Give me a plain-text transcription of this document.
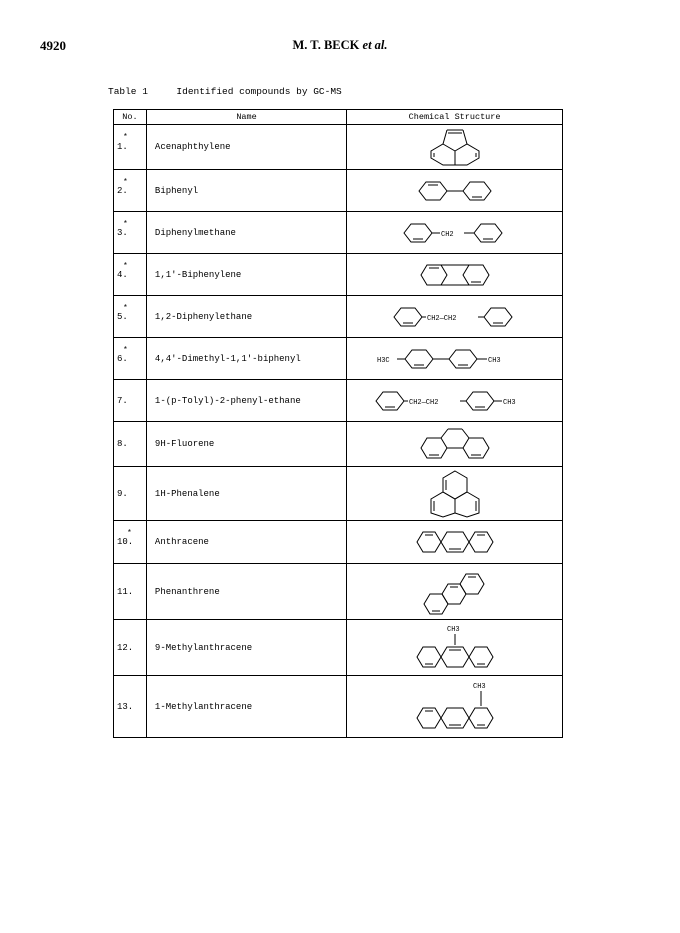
4920	M. T. BECK et al.
Table 1     Identified compounds by GC-MS
No.	Name	Chemical Structure

*
1.	Acenaphthylene	

*
2.	Biphenyl	

*
3.	Diphenylmethane	CH2

*
4.	1,1'-Biphenylene	

*
5.	1,2-Diphenylethane	CH2—CH2

*
6.	4,4'-Dimethyl-1,1'-biphenyl	H3C CH3

7.	1-(p-Tolyl)-2-phenyl-ethane	CH2—CH2 CH3

8.	9H-Fluorene	

9.	1H-Phenalene	

*
10.	Anthracene	

11.	Phenanthrene	

12.	9-Methylanthracene	CH3

13.	1-Methylanthracene	CH3
